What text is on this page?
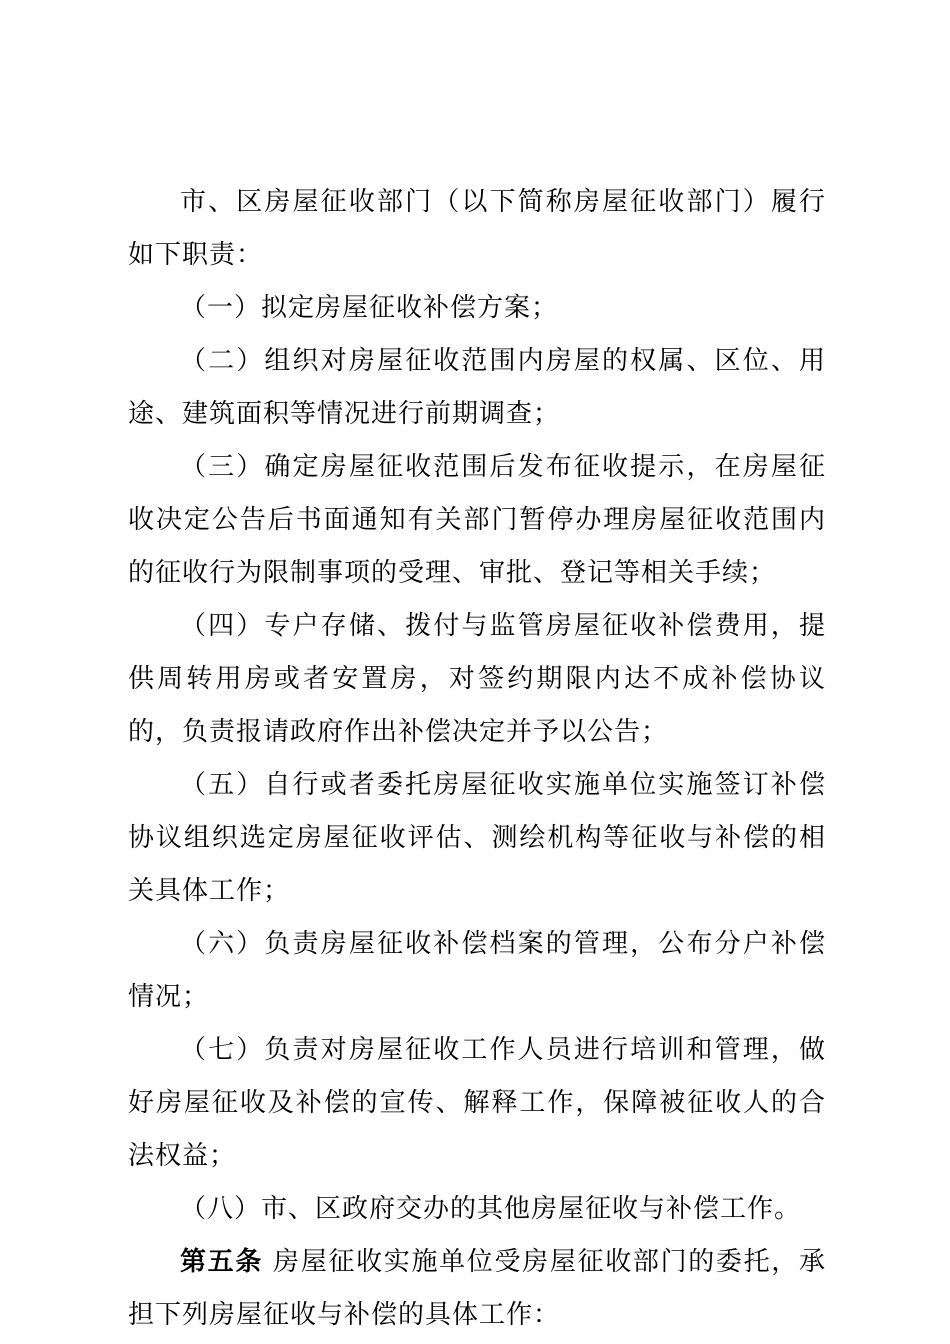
市、区房屋征收部门（以下简称房屋征收部门）履行如下职责：

（一）拟定房屋征收补偿方案；

（二）组织对房屋征收范围内房屋的权属、区位、用途、建筑面积等情况进行前期调查；

（三）确定房屋征收范围后发布征收提示，在房屋征收决定公告后书面通知有关部门暂停办理房屋征收范围内的征收行为限制事项的受理、审批、登记等相关手续；

（四）专户存储、拨付与监管房屋征收补偿费用，提供周转用房或者安置房，对签约期限内达不成补偿协议的，负责报请政府作出补偿决定并予以公告；

（五）自行或者委托房屋征收实施单位实施签订补偿协议组织选定房屋征收评估、测绘机构等征收与补偿的相关具体工作；

（六）负责房屋征收补偿档案的管理，公布分户补偿情况；

（七）负责对房屋征收工作人员进行培训和管理，做好房屋征收及补偿的宣传、解释工作，保障被征收人的合法权益；

（八）市、区政府交办的其他房屋征收与补偿工作。

第五条 房屋征收实施单位受房屋征收部门的委托，承担下列房屋征收与补偿的具体工作：
